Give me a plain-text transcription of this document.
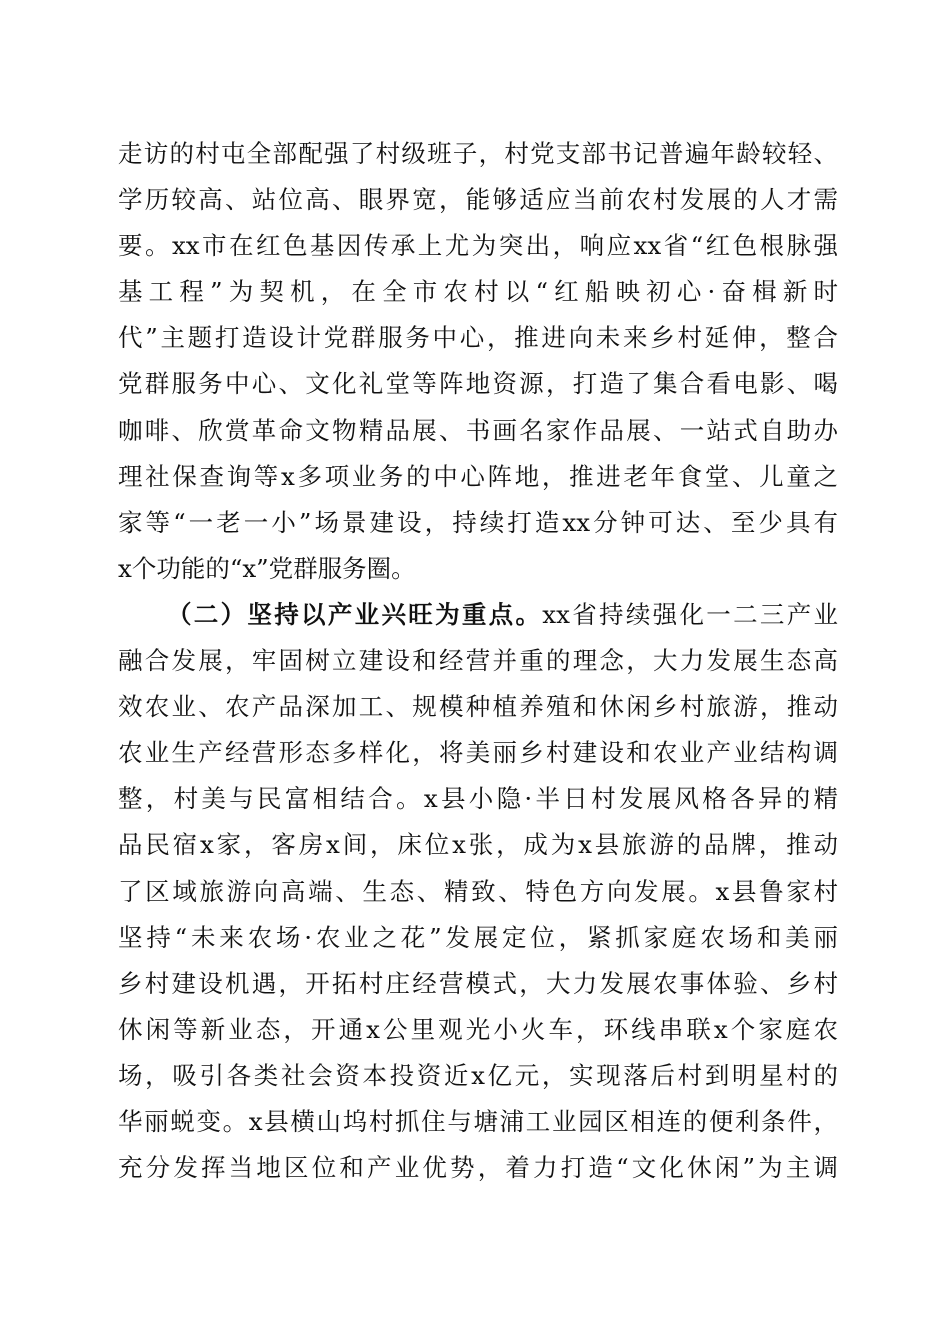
走访的村屯全部配强了村级班子，村党支部书记普遍年龄较轻、
学历较高、站位高、眼界宽，能够适应当前农村发展的人才需
要。xx市在红色基因传承上尤为突出，响应xx省“红色根脉强
基工程”为契机，在全市农村以“红船映初心·奋楫新时
代”主题打造设计党群服务中心，推进向未来乡村延伸，整合
党群服务中心、文化礼堂等阵地资源，打造了集合看电影、喝
咖啡、欣赏革命文物精品展、书画名家作品展、一站式自助办
理社保查询等x多项业务的中心阵地，推进老年食堂、儿童之
家等“一老一小”场景建设，持续打造xx分钟可达、至少具有
x个功能的“x”党群服务圈。
（二）坚持以产业兴旺为重点。xx省持续强化一二三产业
融合发展，牢固树立建设和经营并重的理念，大力发展生态高
效农业、农产品深加工、规模种植养殖和休闲乡村旅游，推动
农业生产经营形态多样化，将美丽乡村建设和农业产业结构调
整，村美与民富相结合。x县小隐·半日村发展风格各异的精
品民宿x家，客房x间，床位x张，成为x县旅游的品牌，推动
了区域旅游向高端、生态、精致、特色方向发展。x县鲁家村
坚持“未来农场·农业之花”发展定位，紧抓家庭农场和美丽
乡村建设机遇，开拓村庄经营模式，大力发展农事体验、乡村
休闲等新业态，开通x公里观光小火车，环线串联x个家庭农
场，吸引各类社会资本投资近x亿元，实现落后村到明星村的
华丽蜕变。x县横山坞村抓住与塘浦工业园区相连的便利条件，
充分发挥当地区位和产业优势，着力打造“文化休闲”为主调
